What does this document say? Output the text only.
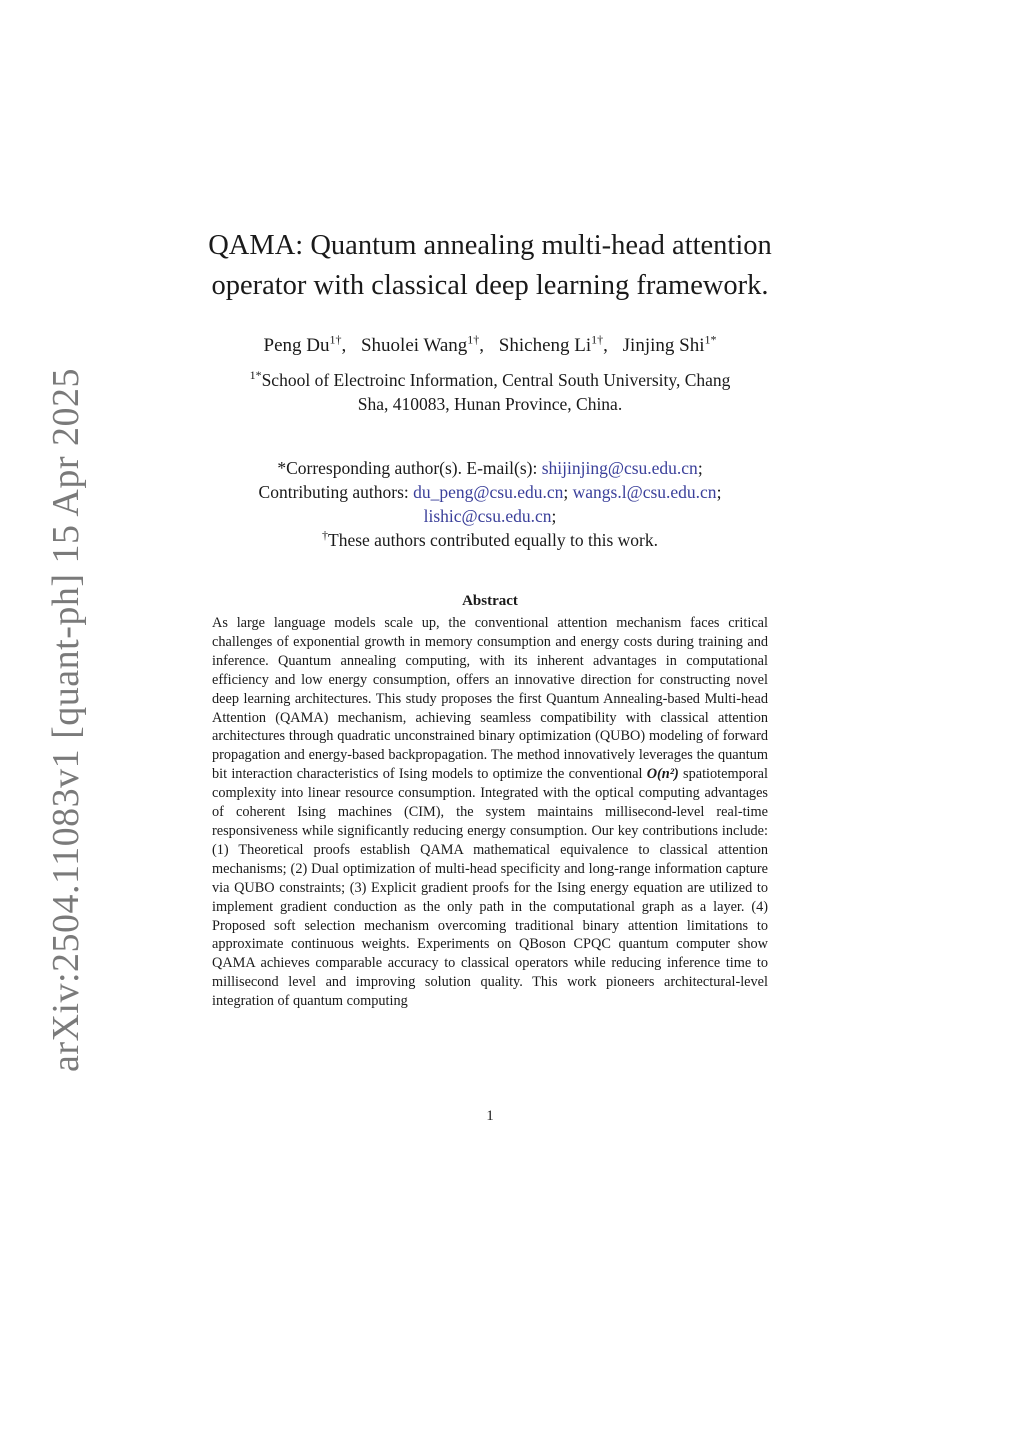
arXiv:2504.11083v1 [quant-ph] 15 Apr 2025
QAMA: Quantum annealing multi-head attention
operator with classical deep learning framework.
Peng $Du^{1\dagger}$, Shuolei Wang$^{1\dagger}$, Shicheng $Li^{1\dagger}$, Jinjing Shi$^{1*}$
$^{1*}$School of Electroinc Information, Central South University, Chang
Sha, 410083, Hunan Province, China.
*Corresponding author(s). E-mail(s): shijinjing@csu.edu.cn;
Contributing authors: du_peng@csu.edu.cn; wangs.l@csu.edu.cn;
lishic@csu.edu.cn;
†These authors contributed equally to this work.
Abstract

As large language models scale up, the conventional attention mechanism faces critical challenges of exponential growth in memory consumption and energy costs during training and inference. Quantum annealing computing, with its inherent advantages in computational efficiency and low energy consumption, offers an innovative direction for constructing novel deep learning architectures. This study proposes the first Quantum Annealing-based Multi-head Attention (QAMA) mechanism, achieving seamless compatibility with classical attention architectures through quadratic unconstrained binary optimization (QUBO) modeling of forward propagation and energy-based backpropagation. The method innovatively leverages the quantum bit interaction characteristics of Ising models to optimize the conventional O(n²) spatiotemporal complexity into linear resource consumption. Integrated with the optical computing advantages of coherent Ising machines (CIM), the system maintains millisecond-level real-time responsiveness while significantly reducing energy consumption. Our key contributions include: (1) Theoretical proofs establish QAMA mathematical equivalence to classical attention mechanisms; (2) Dual optimization of multi-head specificity and long-range information capture via QUBO constraints; (3) Explicit gradient proofs for the Ising energy equation are utilized to implement gradient conduction as the only path in the computational graph as a layer. (4) Proposed soft selection mechanism overcoming traditional binary attention limitations to approximate continuous weights. Experiments on QBoson CPQC quantum computer show QAMA achieves comparable accuracy to classical operators while reducing inference time to millisecond level and improving solution quality. This work pioneers architectural-level integration of quantum computing

1
